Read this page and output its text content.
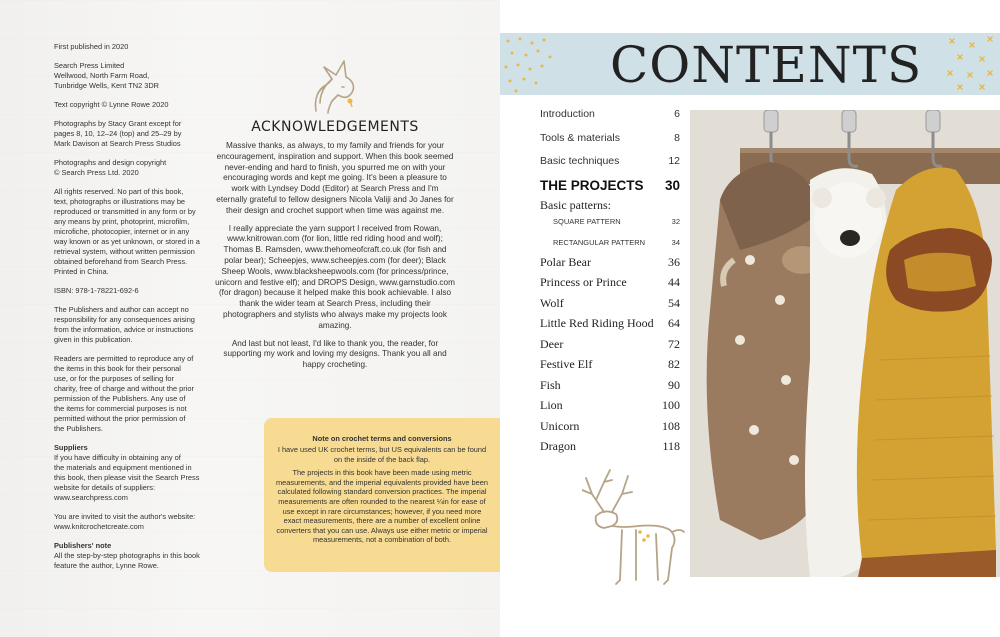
First published in 2020

Search Press Limited
Wellwood, North Farm Road,
Tunbridge Wells, Kent TN2 3DR

Text copyright © Lynne Rowe 2020

Photographs by Stacy Grant except for
pages 8, 10, 12–24 (top) and 25–29 by
Mark Davison at Search Press Studios

Photographs and design copyright
© Search Press Ltd. 2020

All rights reserved. No part of this book,
text, photographs or illustrations may be
reproduced or transmitted in any form or by
any means by print, photoprint, microfilm,
microfiche, photocopier, internet or in any
way known or as yet unknown, or stored in a
retrieval system, without written permission
obtained beforehand from Search Press.
Printed in China.

ISBN: 978-1-78221-692-6

The Publishers and author can accept no
responsibility for any consequences arising
from the information, advice or instructions
given in this publication.

Readers are permitted to reproduce any of
the items in this book for their personal
use, or for the purposes of selling for
charity, free of charge and without the prior
permission of the Publishers. Any use of
the items for commercial purposes is not
permitted without the prior permission of
the Publishers.

Suppliers

If you have difficulty in obtaining any of
the materials and equipment mentioned in
this book, then please visit the Search Press
website for details of suppliers:
www.searchpress.com

You are invited to visit the author's website:
www.knitcrochetcreate.com

Publishers' note

All the step-by-step photographs in this book
feature the author, Lynne Rowe.

ACKNOWLEDGEMENTS

Massive thanks, as always, to my family and friends for your encouragement, inspiration and support. When this book seemed never-ending and hard to finish, you spurred me on with your encouraging words and kept me going. It's been a pleasure to work with Lyndsey Dodd (Editor) at Search Press and I'm eternally grateful to fellow designers Nicola Valiji and Jo Janes for their design and crochet support when time was against me.

I really appreciate the yarn support I received from Rowan, www.knitrowan.com (for lion, little red riding hood and wolf); Thomas B. Ramsden, www.thehomeofcraft.co.uk (for fish and polar bear); Scheepjes, www.scheepjes.com (for deer); Black Sheep Wools, www.blacksheepwools.com (for princess/prince, unicorn and festive elf); and DROPS Design, www.garnstudio.com (for dragon) because it helped make this book achievable. I also thank the wider team at Search Press, including their photographers and stylists who always make my projects look amazing.

And last but not least, I'd like to thank you, the reader, for supporting my work and loving my designs. Thank you all and happy crocheting.

Note on crochet terms and conversions

I have used UK crochet terms, but US equivalents can be found on the inside of the back flap.

The projects in this book have been made using metric measurements, and the imperial equivalents provided have been calculated following standard conversion practices. The imperial measurements are often rounded to the nearest ¼in for ease of use except in rare circumstances; however, if you need more exact measurements, there are a number of excellent online converters that you can use. Always use either metric or imperial measurements, not a combination of both.

CONTENTS
Introduction	6
Tools & materials	8
Basic techniques	12
THE PROJECTS 30
Basic patterns:
SQUARE PATTERN	32
RECTANGULAR PATTERN	34
Polar Bear	36
Princess or Prince	44
Wolf	54
Little Red Riding Hood 64
Deer	72
Festive Elf	82
Fish	90
Lion	100
Unicorn	108
Dragon	118
